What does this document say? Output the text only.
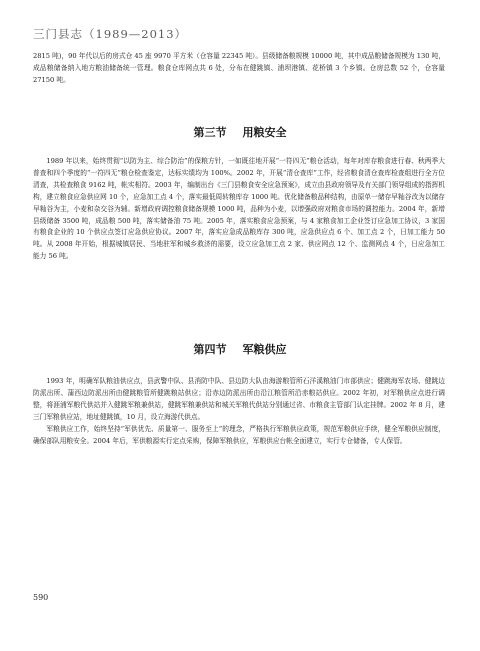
三门县志（1989—2013）

2815 吨)，90 年代以后的房式仓 45 座 9970 平方米（仓容量 22345 吨）。县级储备粮规模 10000 吨，其中成品粮储备规模为 130 吨，成品粮储备纳入地方粮油储备统一管理。粮食仓库网点共 6 处，分布在健跳镇、浦坝港镇、花桥镇 3 个乡镇。仓房总数 52 个，仓容量 27150 吨。

第三节 用粮安全

1989 年以来，始终贯彻“以防为主、综合防治”的保粮方针，一如既往地开展“一符四无”粮仓活动，每年对库存粮食进行春、秋两季大普查和四个季度的“一符四无”粮仓检查鉴定，达标实绩均为 100%。2002 年，开展“清仓查库”工作，经省粮食清仓查库检查组进行全方位清查，共检查粮食 9162 吨，帐实相符。2003 年，编制出台《三门县粮食安全应急预案》，成立由县政府领导及有关部门领导组成的指挥机构，建立粮食应急供应网 10 个，应急加工点 4 个，落实最低周转粮库存 1000 吨。优化储备粮品种结构，由原单一储存早籼谷改为以储存早籼谷为主，小麦和杂交谷为辅。新增政府调控粮食储备规模 1000 吨，品种为小麦，以增强政府对粮食市场的调控能力。2004 年，新增县级储备 3500 吨，成品粮 500 吨，落实储备油 75 吨。2005 年，落实粮食应急预案，与 4 家粮食加工企业签订应急加工协议，3 家国有粮食企业的 10 个供应点签订应急供应协议。2007 年，落实应急成品粮库存 300 吨，应急供应点 6 个、加工点 2 个，日加工能力 50 吨。从 2008 年开始，根据城镇居民、当地驻军和城乡救济的需要，设立应急加工点 2 家、供应网点 12 个、监测网点 4 个，日应急加工能力 56 吨。

第四节 军粮供应

1993 年，明确军队粮油供应点，县武警中队、县消防中队、县边防大队由海游粮管所石洋溪粮油门市部供应；健跳海军农场、健跳边防派出所、蒲西边防派出所由健跳粮管所健跳粮站供应；沿赤边防派出所由沿江粮管所沿赤粮站供应。2002 年初，对军粮供应点进行调整，将涯浦军粮代供站并入健跳军粮兼供站，健跳军粮兼供站和城关军粮代供站分别通过省、市粮食主管部门认定挂牌。2002 年 8 月，建三门军粮供应站，地址健跳镇，10 月，设立海游代供点。

军粮供应工作，始终坚持“军供优先、质量第一、服务至上”的理念，严格执行军粮供应政策，规范军粮供应手续，健全军粮供应制度，确保部队用粮安全。2004 年后，军供粮源实行定点采购，保障军粮供应，军粮供应台帐全面建立，实行专仓储备，专人保管。

590
